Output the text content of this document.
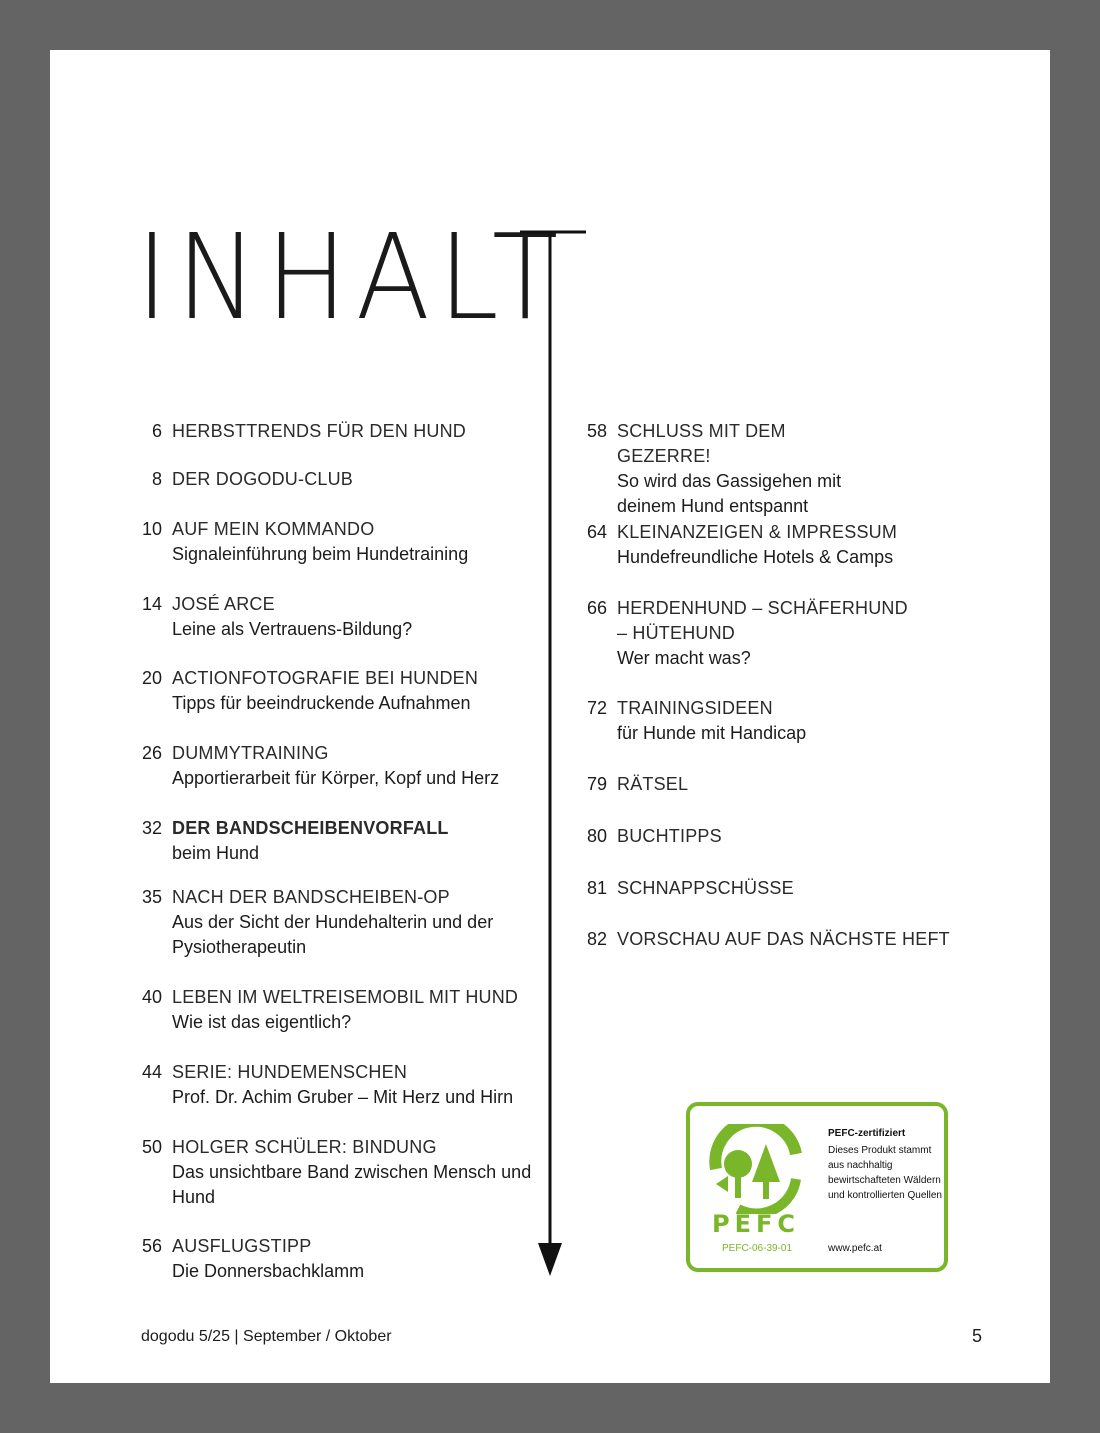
INHALT
6 HERBSTTRENDS FÜR DEN HUND
8 DER DOGODU-CLUB
10 AUF MEIN KOMMANDO
Signaleinführung beim Hundetraining
14 JOSÉ ARCE
Leine als Vertrauens-Bildung?
20 ACTIONFOTOGRAFIE BEI HUNDEN
Tipps für beeindruckende Aufnahmen
26 DUMMYTRAINING
Apportierarbeit für Körper, Kopf und Herz
32 DER BANDSCHEIBENVORFALL
beim Hund
35 NACH DER BANDSCHEIBEN-OP
Aus der Sicht der Hundehalterin und der Pysiotherapeutin
40 LEBEN IM WELTREISEMOBIL MIT HUND
Wie ist das eigentlich?
44 SERIE: HUNDEMENSCHEN
Prof. Dr. Achim Gruber – Mit Herz und Hirn
50 HOLGER SCHÜLER: BINDUNG
Das unsichtbare Band zwischen Mensch und Hund
56 AUSFLUGSTIPP
Die Donnersbachklamm
58 SCHLUSS MIT DEM GEZERRE!
So wird das Gassigehen mit deinem Hund entspannt
64 KLEINANZEIGEN & IMPRESSUM
Hundefreundliche Hotels & Camps
66 HERDENHUND – SCHÄFERHUND – HÜTEHUND
Wer macht was?
72 TRAININGSIDEEN
für Hunde mit Handicap
79 RÄTSEL
80 BUCHTIPPS
81 SCHNAPPSCHÜSSE
82 VORSCHAU AUF DAS NÄCHSTE HEFT
PEFC
PEFC-06-39-01
PEFC-zertifiziert
Dieses Produkt stammt aus nachhaltig bewirtschafteten Wäldern und kontrollierten Quellen
www.pefc.at
dogodu 5/25 | September / Oktober	5
